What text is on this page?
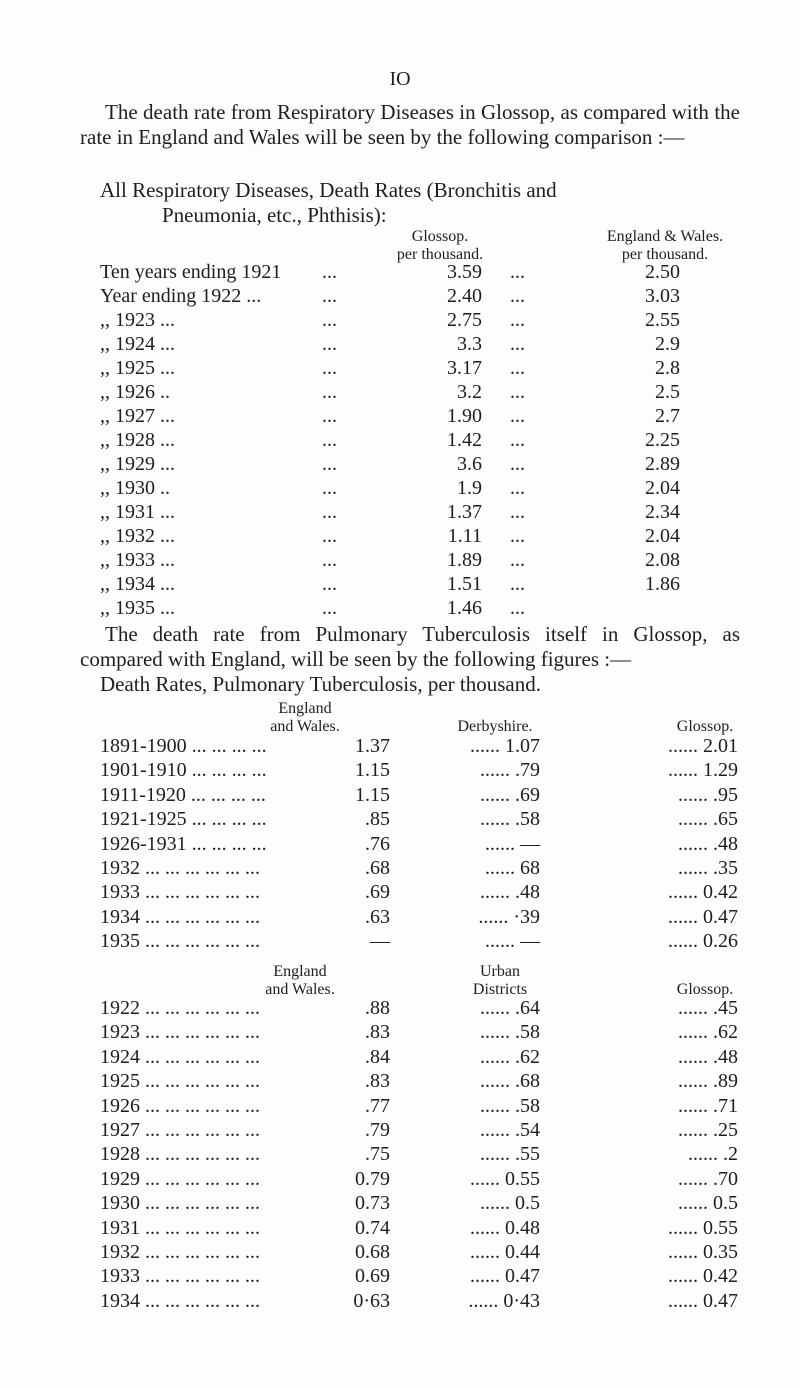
IO
The death rate from Respiratory Diseases in Glossop, as compared with the rate in England and Wales will be seen by the following comparison :—
All Respiratory Diseases, Death Rates (Bronchitis and
Pneumonia, etc., Phthisis):
Glossop.
per thousand.
England & Wales.
per thousand.
Ten years ending 1921 ...	3.59 ...	2.50
Year ending 1922 ...	...	2.40 ...	3.03
,, 1923 ...	...	2.75 ...	2.55
,, 1924 ...	...	3.3 ...	2.9
,, 1925 ...	...	3.17 ...	2.8
,, 1926 ..	...	3.2 ...	2.5
,, 1927 ...	...	1.90 ...	2.7
,, 1928 ...	...	1.42 ...	2.25
,, 1929 ...	...	3.6 ...	2.89
,, 1930 ..	...	1.9 ...	2.04
,, 1931 ...	...	1.37 ...	2.34
,, 1932 ...	...	1.11 ...	2.04
,, 1933 ...	...	1.89 ...	2.08
,, 1934 ...	...	1.51 ...	1.86
,, 1935 ...	...	1.46 ...
The death rate from Pulmonary Tuberculosis itself in Glossop, as compared with England, will be seen by the following figures :—
Death Rates, Pulmonary Tuberculosis, per thousand.
England
and Wales.	Derbyshire.	Glossop.
1891-1900 ... ... ... ...	1.37	...... 1.07	...... 2.01
1901-1910 ... ... ... ...	1.15	...... .79	...... 1.29
1911-1920 ... ... ... ...	1.15	...... .69	...... .95
1921-1925 ... ... ... ...	.85	...... .58	...... .65
1926-1931 ... ... ... ...	.76	...... —	...... .48
1932 ... ... ... ... ... ...	.68	...... 68	...... .35
1933 ... ... ... ... ... ...	.69	...... .48	...... 0.42
1934 ... ... ... ... ... ...	.63	...... ·39	...... 0.47
1935 ... ... ... ... ... ...	—	...... —	...... 0.26
England
and Wales.
Urban
Districts	Glossop.
1922 ... ... ... ... ... ...	.88	...... .64	...... .45
1923 ... ... ... ... ... ...	.83	...... .58	...... .62
1924 ... ... ... ... ... ...	.84	...... .62	...... .48
1925 ... ... ... ... ... ...	.83	...... .68	...... .89
1926 ... ... ... ... ... ...	.77	...... .58	...... .71
1927 ... ... ... ... ... ...	.79	...... .54	...... .25
1928 ... ... ... ... ... ...	.75	...... .55	...... .2
1929 ... ... ... ... ... ...	0.79	...... 0.55	...... .70
1930 ... ... ... ... ... ...	0.73	...... 0.5	...... 0.5
1931 ... ... ... ... ... ...	0.74	...... 0.48	...... 0.55
1932 ... ... ... ... ... ...	0.68	...... 0.44	...... 0.35
1933 ... ... ... ... ... ...	0.69	...... 0.47	...... 0.42
1934 ... ... ... ... ... ...	0·63	...... 0·43	...... 0.47
